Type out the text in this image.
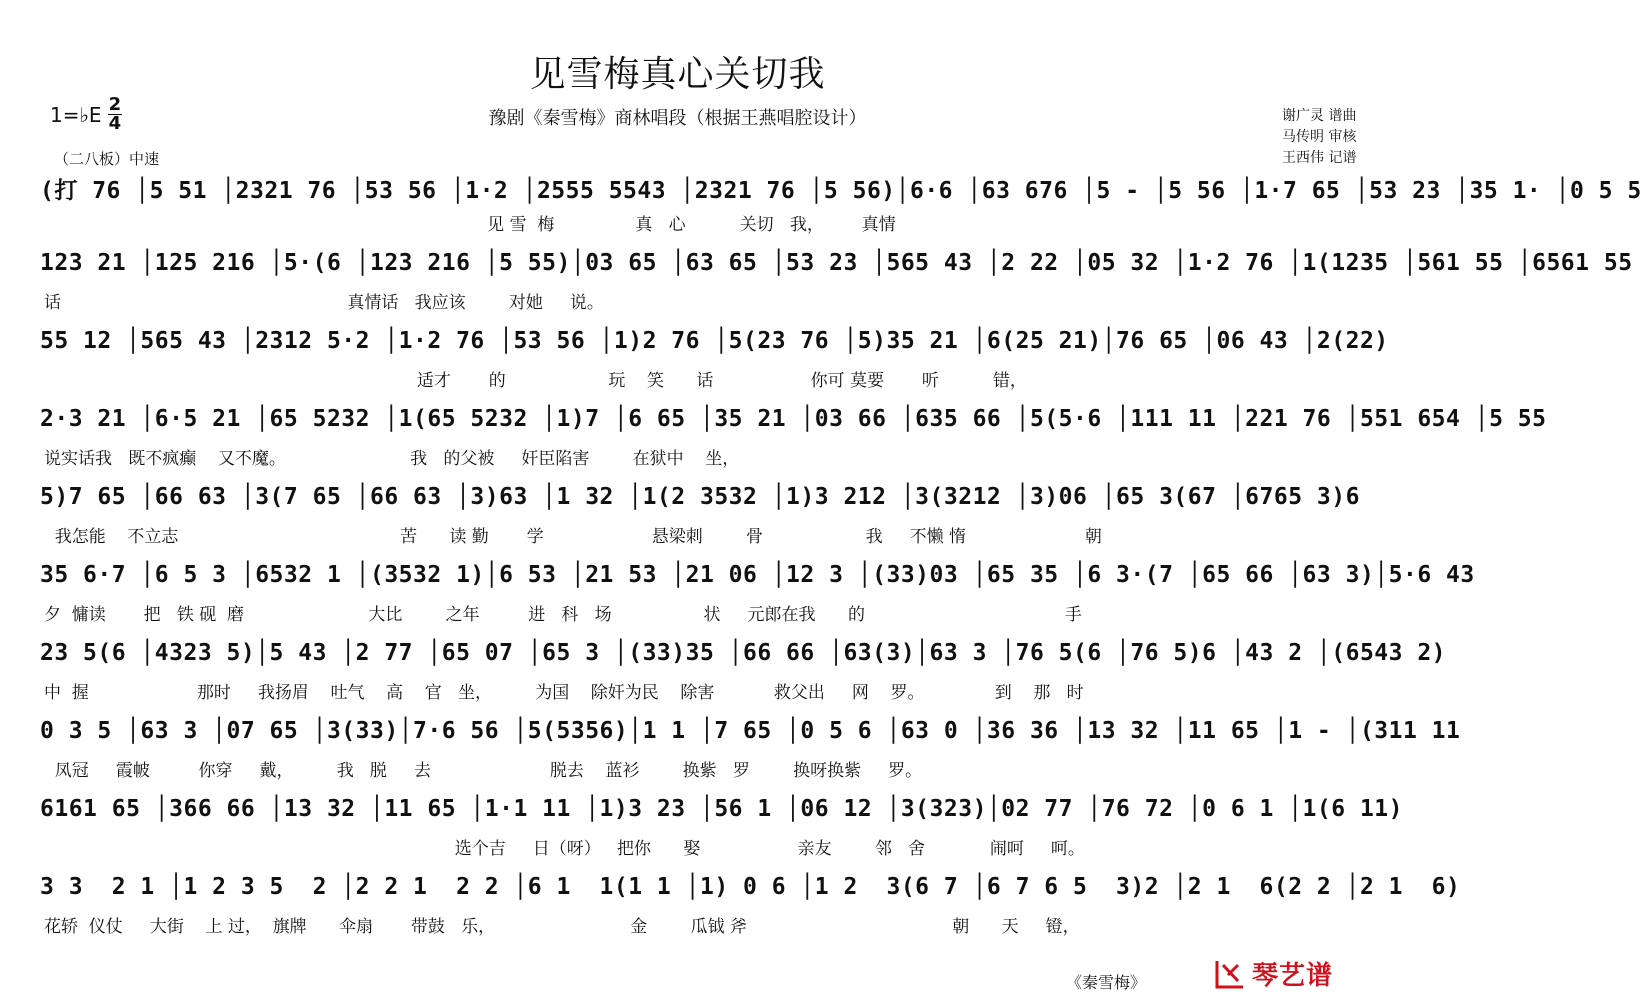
见雪梅真心关切我
豫剧《秦雪梅》商林唱段（根据王燕唱腔设计）
1=♭E $\frac{2}{4}$	谢广灵 谱曲
马传明 审核
王西伟 记谱
（二八板）中速
(打 76 │5 51 │2321 76 │53 56 │1·2 │2555 5543 │2321 76 │5 56)│6·6 │63 676 │5 - │5 56 │1·7 65 │53 23 │35 1· │0 5 5
见 雪  梅               真   心          关切   我，       真情
123 21 │125 216 │5·(6 │123 216 │5 55)│03 65 │63 65 │53 23 │565 43 │2 22 │05 32 │1·2 76 │1(1235 │561 55 │6561 55
话                                                     真情话   我应该        对她     说。
55 12 │565 43 │2312 5·2 │1·2 76 │53 56 │1)2 76 │5(23 76 │5)35 21 │6(25 21)│76 65 │06 43 │2(22)
适才       的                   玩    笑      话                  你可 莫要       听          错，
2·3 21 │6·5 21 │65 5232 │1(65 5232 │1)7 │6 65 │35 21 │03 66 │635 66 │5(5·6 │111 11 │221 76 │551 654 │5 55
说实话我   既不疯癫    又不魔。                       我   的父被     奸臣陷害        在狱中    坐，
5)7 65 │66 63 │3(7 65 │66 63 │3)63 │1 32 │1(2 3532 │1)3 212 │3(3212 │3)06 │65 3(67 │6765 3)6
我怎能    不立志                                         苦      读 勤       学                    悬梁刺        骨                   我     不懒 惰                      朝
35 6·7 │6 5 3 │6532 1 │(3532 1)│6 53 │21 53 │21 06 │12 3 │(33)03 │65 35 │6 3·(7 │65 66 │63 3)│5·6 43
夕  慵读       把   铁 砚  磨                       大比        之年         进   科   场                 状     元郎在我      的                                     手
23 5(6 │4323 5)│5 43 │2 77 │65 07 │65 3 │(33)35 │66 66 │63(3)│63 3 │76 5(6 │76 5)6 │43 2 │(6543 2)
中  握                    那时     我扬眉    吐气    高    官   坐，        为国    除奸为民    除害           救父出     网    罗。             到    那   时
0 3 5 │63 3 │07 65 │3(33)│7·6 56 │5(5356)│1 1 │7 65 │0 5 6 │63 0 │36 36 │13 32 │11 65 │1 - │(311 11
凤冠     霞帔         你穿     戴，        我   脱     去                      脱去    蓝衫        换紫   罗        换呀换紫     罗。
6161 65 │366 66 │13 32 │11 65 │1·1 11 │1)3 23 │56 1 │06 12 │3(323)│02 77 │76 72 │0 6 1 │1(6 11)
选个吉     日（呀）   把你      娶                  亲友        邻   舍            闹呵     呵。
3 3  2 1 │1 2 3 5  2 │2 2 1  2 2 │6 1  1(1 1 │1) 0 6 │1 2  3(6 7 │6 7 6 5  3)2 │2 1  6(2 2 │2 1  6)
花轿  仪仗     大街    上 过，  旗牌      伞扇       带鼓   乐，                         金        瓜钺 斧                                      朝      天     镫，
《秦雪梅》	琴艺谱
